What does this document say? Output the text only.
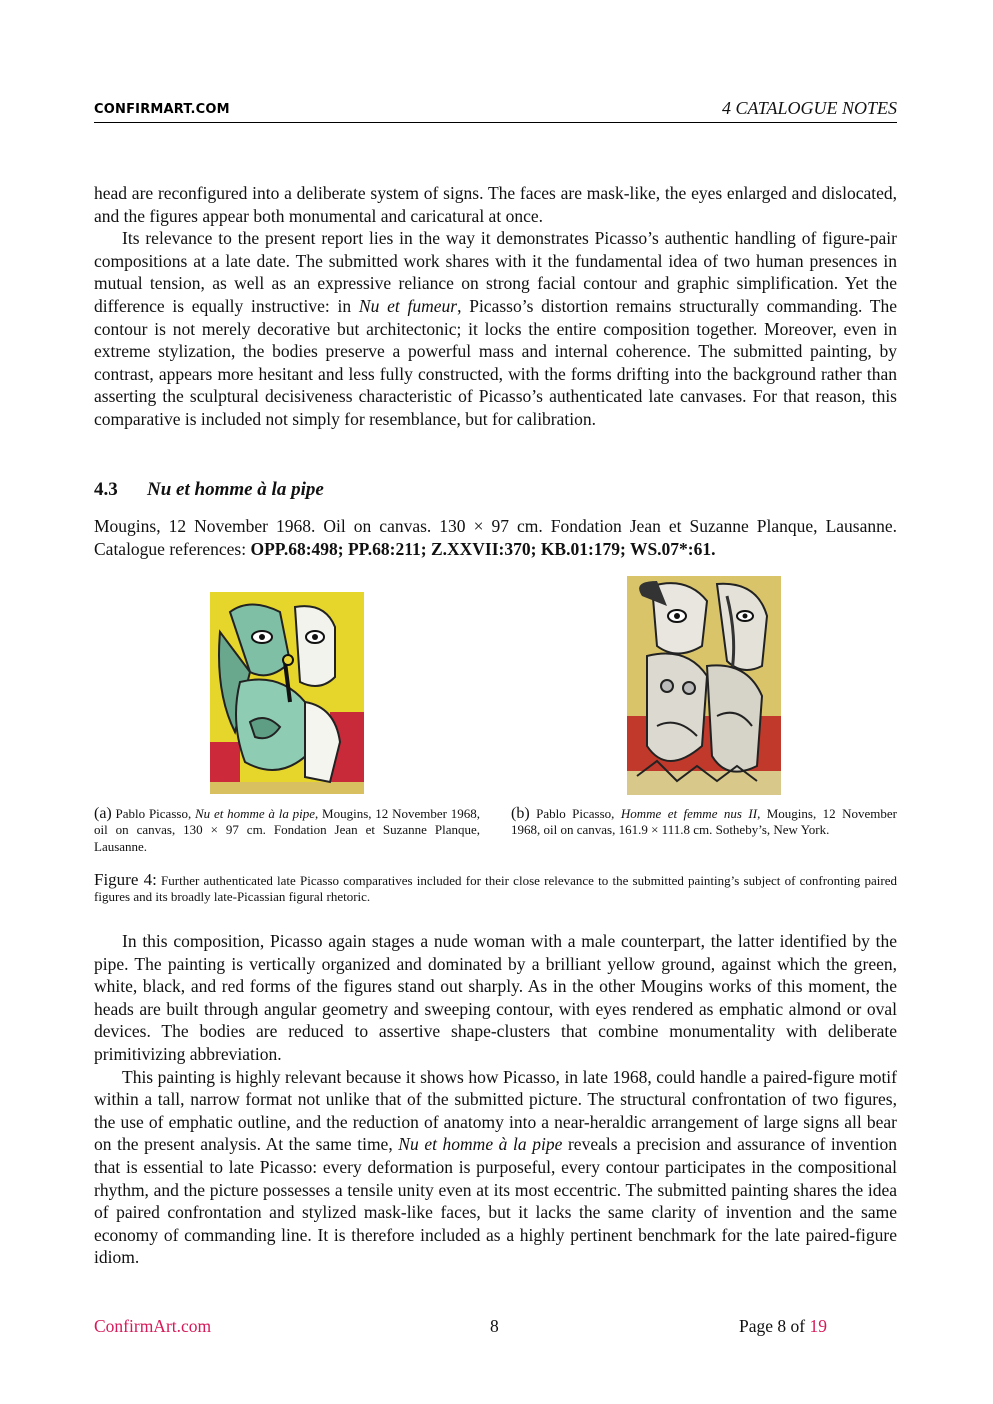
CONFIRMART.COM	4 CATALOGUE NOTES

head are reconfigured into a deliberate system of signs. The faces are mask-like, the eyes enlarged and dislocated, and the figures appear both monumental and caricatural at once.

Its relevance to the present report lies in the way it demonstrates Picasso’s authentic handling of figure-pair compositions at a late date. The submitted work shares with it the fundamental idea of two human presences in mutual tension, as well as an expressive reliance on strong facial contour and graphic simplification. Yet the difference is equally instructive: in Nu et fumeur, Picasso’s distortion remains structurally commanding. The contour is not merely decorative but architectonic; it locks the entire composition together. Moreover, even in extreme stylization, the bodies preserve a powerful mass and internal coherence. The submitted painting, by contrast, appears more hesitant and less fully constructed, with the forms drifting into the background rather than asserting the sculptural decisiveness characteristic of Picasso’s authenticated late canvases. For that reason, this comparative is included not simply for resemblance, but for calibration.

4.3 Nu et homme à la pipe
Mougins, 12 November 1968. Oil on canvas. 130 × 97 cm. Fondation Jean et Suzanne Planque, Lausanne. Catalogue references: OPP.68:498; PP.68:211; Z.XXVII:370; KB.01:179; WS.07*:61.
(a) Pablo Picasso, Nu et homme à la pipe, Mougins, 12 November 1968, oil on canvas, 130 × 97 cm. Fondation Jean et Suzanne Planque, Lausanne.
(b) Pablo Picasso, Homme et femme nus II, Mougins, 12 November 1968, oil on canvas, 161.9 × 111.8 cm. Sotheby’s, New York.
Figure 4: Further authenticated late Picasso comparatives included for their close relevance to the submitted painting’s subject of confronting paired figures and its broadly late-Picassian figural rhetoric.

In this composition, Picasso again stages a nude woman with a male counterpart, the latter identified by the pipe. The painting is vertically organized and dominated by a brilliant yellow ground, against which the green, white, black, and red forms of the figures stand out sharply. As in the other Mougins works of this moment, the heads are built through angular geometry and sweeping contour, with eyes rendered as emphatic almond or oval devices. The bodies are reduced to assertive shape-clusters that combine monumentality with deliberate primitivizing abbreviation.

This painting is highly relevant because it shows how Picasso, in late 1968, could handle a paired-figure motif within a tall, narrow format not unlike that of the submitted picture. The structural confrontation of two figures, the use of emphatic outline, and the reduction of anatomy into a near-heraldic arrangement of large signs all bear on the present analysis. At the same time, Nu et homme à la pipe reveals a precision and assurance of invention that is essential to late Picasso: every deformation is purposeful, every contour participates in the compositional rhythm, and the picture possesses a tensile unity even at its most eccentric. The submitted painting shares the idea of paired confrontation and stylized mask-like faces, but it lacks the same clarity of invention and the same economy of commanding line. It is therefore included as a highly pertinent benchmark for the late paired-figure idiom.

ConfirmArt.com	8	Page 8 of 19
